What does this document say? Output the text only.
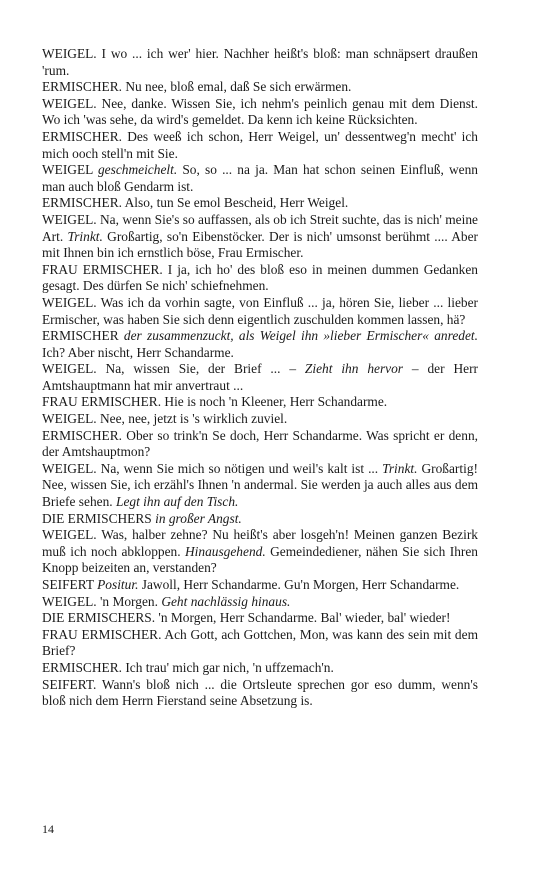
WEIGEL. I wo ... ich wer' hier. Nachher heißt's bloß: man schnäpsert draußen 'rum.

ERMISCHER. Nu nee, bloß emal, daß Se sich erwärmen.

WEIGEL. Nee, danke. Wissen Sie, ich nehm's peinlich genau mit dem Dienst. Wo ich 'was sehe, da wird's gemeldet. Da kenn ich keine Rücksichten.

ERMISCHER. Des weeß ich schon, Herr Weigel, un' dessentweg'n mecht' ich mich ooch stell'n mit Sie.

WEIGEL geschmeichelt. So, so ... na ja. Man hat schon seinen Einfluß, wenn man auch bloß Gendarm ist.

ERMISCHER. Also, tun Se emol Bescheid, Herr Weigel.

WEIGEL. Na, wenn Sie's so auffassen, als ob ich Streit suchte, das is nich' meine Art. Trinkt. Großartig, so'n Eibenstöcker. Der is nich' umsonst berühmt .... Aber mit Ihnen bin ich ernstlich böse, Frau Ermischer.

FRAU ERMISCHER. I ja, ich ho' des bloß eso in meinen dummen Gedanken gesagt. Des dürfen Se nich' schiefnehmen.

WEIGEL. Was ich da vorhin sagte, von Einfluß ... ja, hören Sie, lieber ... lieber Ermischer, was haben Sie sich denn eigentlich zuschulden kommen lassen, hä?

ERMISCHER der zusammenzuckt, als Weigel ihn »lieber Ermischer« anredet. Ich? Aber nischt, Herr Schandarme.

WEIGEL. Na, wissen Sie, der Brief ... – Zieht ihn hervor – der Herr Amtshauptmann hat mir anvertraut ...

FRAU ERMISCHER. Hie is noch 'n Kleener, Herr Schandarme.

WEIGEL. Nee, nee, jetzt is 's wirklich zuviel.

ERMISCHER. Ober so trink'n Se doch, Herr Schandarme. Was spricht er denn, der Amtshauptmon?

WEIGEL. Na, wenn Sie mich so nötigen und weil's kalt ist ... Trinkt. Großartig! Nee, wissen Sie, ich erzähl's Ihnen 'n andermal. Sie werden ja auch alles aus dem Briefe sehen. Legt ihn auf den Tisch.

DIE ERMISCHERS in großer Angst.

WEIGEL. Was, halber zehne? Nu heißt's aber losgeh'n! Meinen ganzen Bezirk muß ich noch abkloppen. Hinausgehend. Gemeindediener, nähen Sie sich Ihren Knopp beizeiten an, verstanden?

SEIFERT Positur. Jawoll, Herr Schandarme. Gu'n Morgen, Herr Schandarme.

WEIGEL. 'n Morgen. Geht nachlässig hinaus.

DIE ERMISCHERS. 'n Morgen, Herr Schandarme. Bal' wieder, bal' wieder!

FRAU ERMISCHER. Ach Gott, ach Gottchen, Mon, was kann des sein mit dem Brief?

ERMISCHER. Ich trau' mich gar nich, 'n uffzemach'n.

SEIFERT. Wann's bloß nich ... die Ortsleute sprechen gor eso dumm, wenn's bloß nich dem Herrn Fierstand seine Absetzung is.

14
